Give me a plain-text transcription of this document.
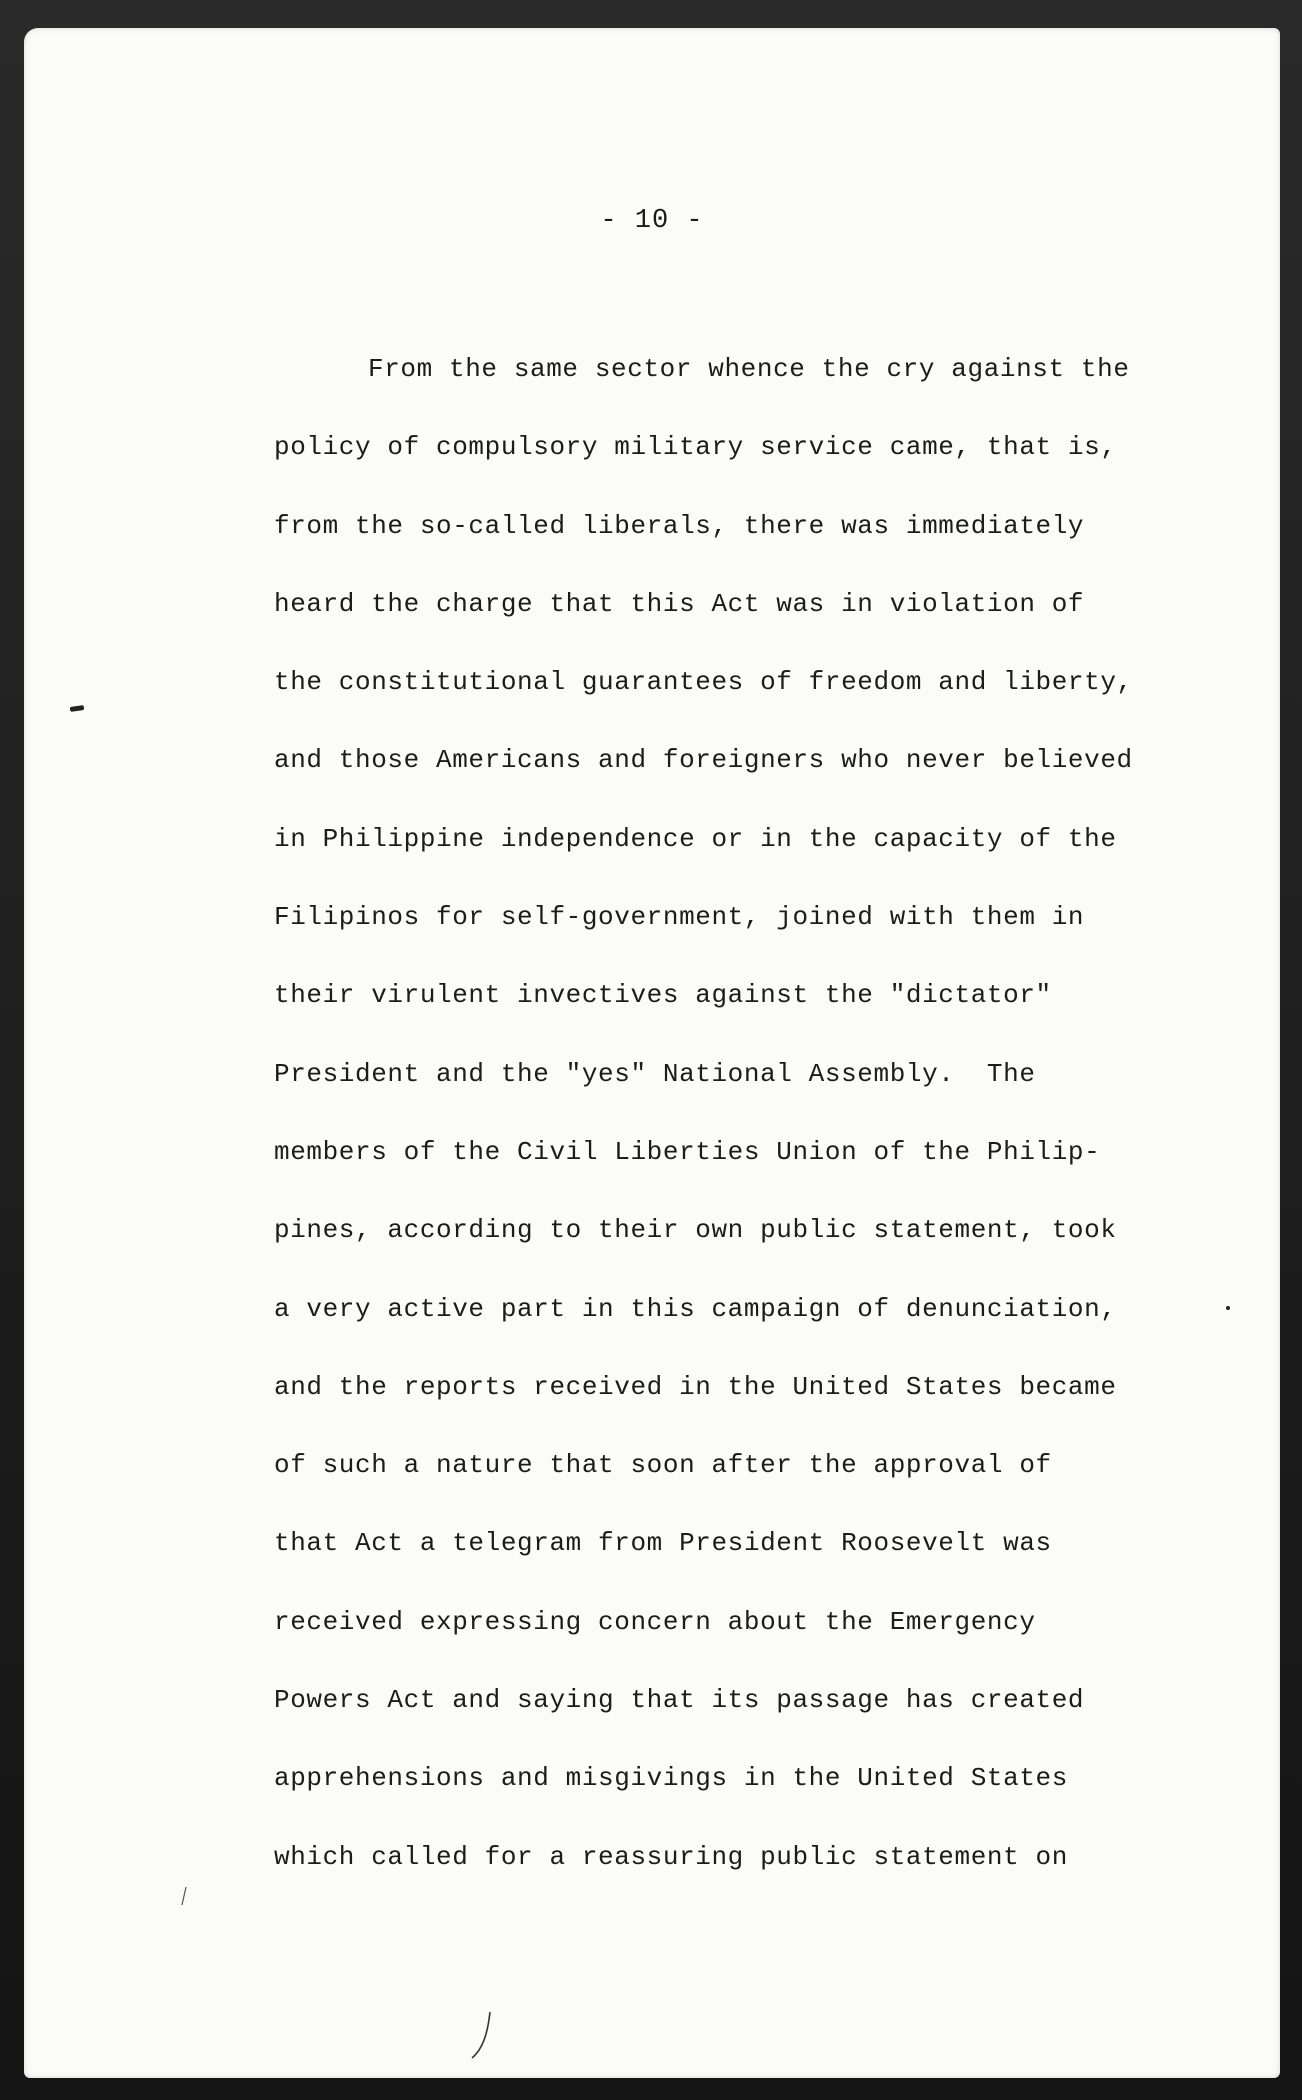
- 10 -
From the same sector whence the cry against the
policy of compulsory military service came, that is,
from the so-called liberals, there was immediately
heard the charge that this Act was in violation of
the constitutional guarantees of freedom and liberty,
and those Americans and foreigners who never believed
in Philippine independence or in the capacity of the
Filipinos for self-government, joined with them in
their virulent invectives against the "dictator"
President and the "yes" National Assembly.  The
members of the Civil Liberties Union of the Philip-
pines, according to their own public statement, took
a very active part in this campaign of denunciation,
and the reports received in the United States became
of such a nature that soon after the approval of
that Act a telegram from President Roosevelt was
received expressing concern about the Emergency
Powers Act and saying that its passage has created
apprehensions and misgivings in the United States
which called for a reassuring public statement on
